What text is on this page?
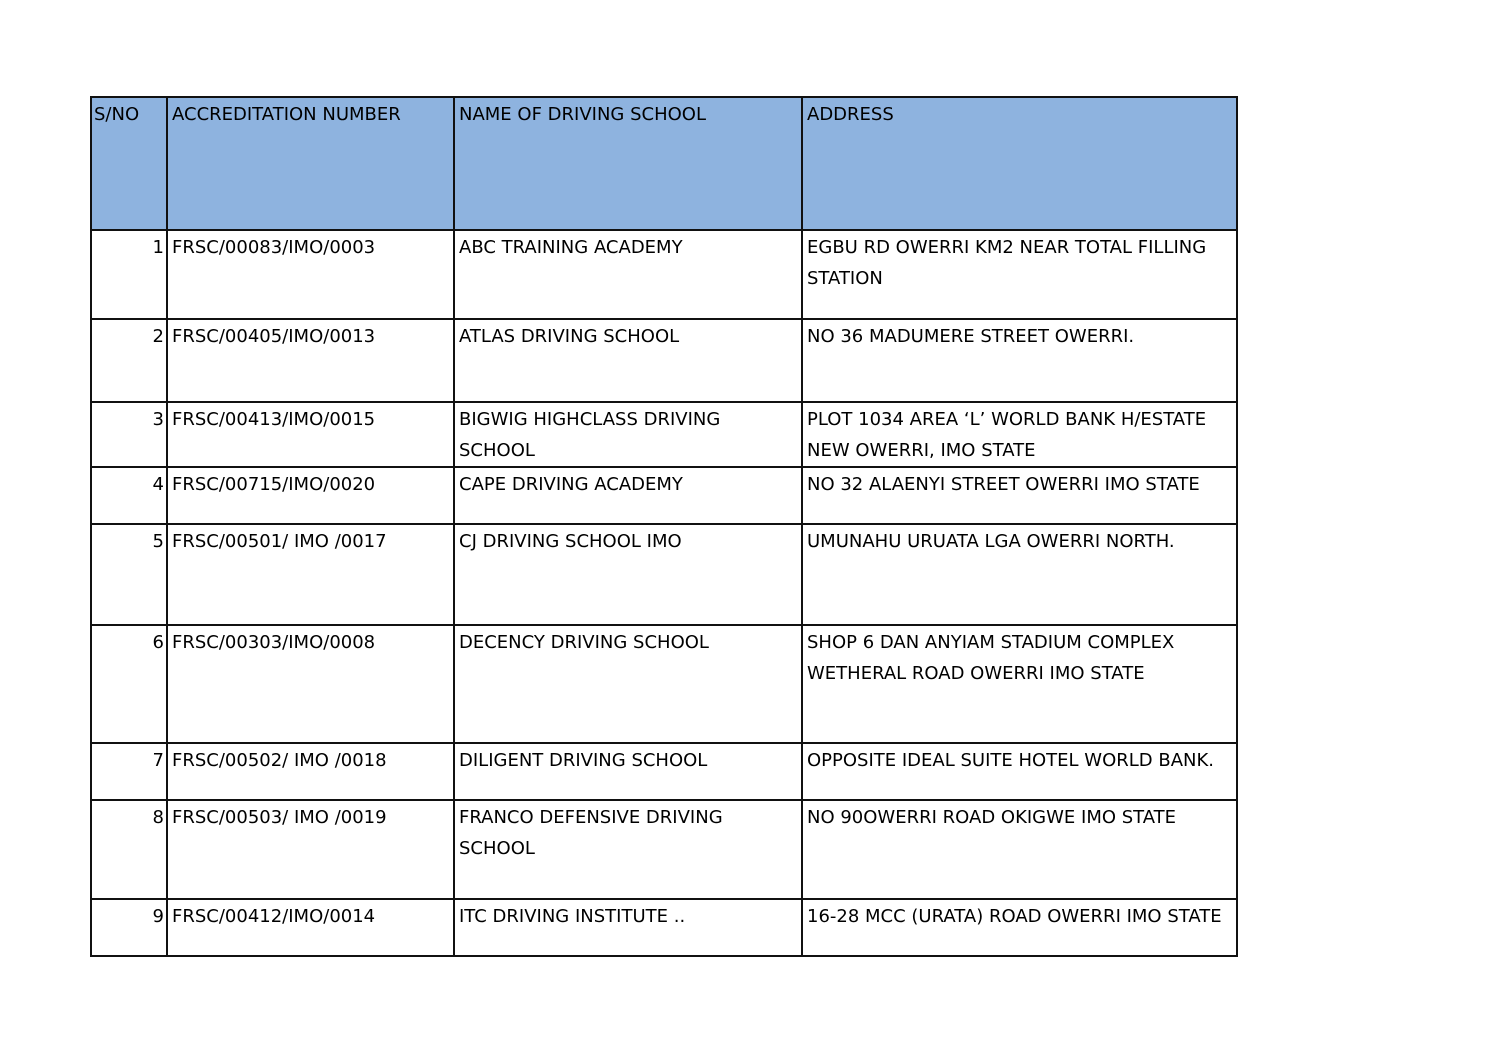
S/NO	ACCREDITATION NUMBER	NAME OF DRIVING SCHOOL	ADDRESS

1	FRSC/00083/IMO/0003	ABC TRAINING ACADEMY	EGBU RD OWERRI KM2 NEAR TOTAL FILLING STATION

2	FRSC/00405/IMO/0013	ATLAS DRIVING SCHOOL	NO 36 MADUMERE STREET OWERRI.

3	FRSC/00413/IMO/0015	BIGWIG HIGHCLASS DRIVING SCHOOL	PLOT 1034 AREA ‘L’ WORLD BANK H/ESTATE NEW OWERRI, IMO STATE

4	FRSC/00715/IMO/0020	CAPE DRIVING ACADEMY	NO 32 ALAENYI STREET OWERRI IMO STATE

5	FRSC/00501/ IMO /0017	CJ DRIVING SCHOOL IMO	UMUNAHU URUATA LGA OWERRI NORTH.

6	FRSC/00303/IMO/0008	DECENCY DRIVING SCHOOL	SHOP 6 DAN ANYIAM STADIUM COMPLEX WETHERAL ROAD OWERRI IMO STATE

7	FRSC/00502/ IMO /0018	DILIGENT DRIVING SCHOOL	OPPOSITE IDEAL SUITE HOTEL WORLD BANK.

8	FRSC/00503/ IMO /0019	FRANCO DEFENSIVE DRIVING SCHOOL	NO 90OWERRI ROAD OKIGWE IMO STATE

9	FRSC/00412/IMO/0014	ITC DRIVING INSTITUTE ..	16-28 MCC (URATA) ROAD OWERRI IMO STATE
